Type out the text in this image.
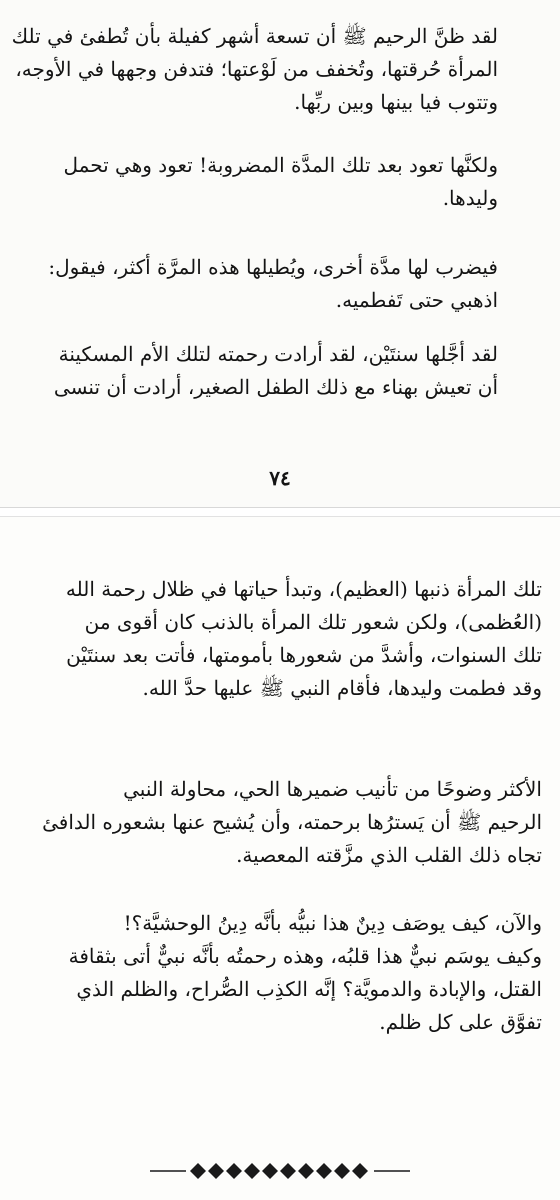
لقد ظنَّ الرحيم ﷺ أن تسعة أشهر كفيلة بأن تُطفئ في تلك
المرأة حُرقتها، وتُخفف من لَوْعتها؛ فتدفن وجهها في الأوجه،
وتتوب فيا بينها وبين ربِّها.

ولكنَّها تعود بعد تلك المدَّة المضروبة! تعود وهي تحمل
وليدها.

فيضرب لها مدَّة أخرى، ويُطيلها هذه المرَّة أكثر، فيقول:
اذهبي حتى تَفطميه.

لقد أجَّلها سنتَيْن، لقد أرادت رحمته لتلك الأم المسكينة
أن تعيش بهناء مع ذلك الطفل الصغير، أرادت أن تنسى

٧٤

تلك المرأة ذنبها (العظيم)، وتبدأ حياتها في ظلال رحمة الله
(العُظمى)، ولكن شعور تلك المرأة بالذنب كان أقوى من
تلك السنوات، وأشدَّ من شعورها بأمومتها، فأتت بعد سنتَيْن
وقد فطمت وليدها، فأقام النبي ﷺ عليها حدَّ الله.

الأكثر وضوحًا من تأنيب ضميرها الحي، محاولة النبي
الرحيم ﷺ أن يَسترُها برحمته، وأن يُشيح عنها بشعوره الدافئ
تجاه ذلك القلب الذي مزَّقته المعصية.

والآن، كيف يوصَف دِينٌ هذا نبيُّه بأنَّه دِينُ الوحشيَّة؟!
وكيف يوسَم نبيٌّ هذا قلبُه، وهذه رحمتُه بأنَّه نبيٌّ أتى بثقافة
القتل، والإبادة والدمويَّة؟ إنَّه الكذِب الصُّراح، والظلم الذي
تفوَّق على كل ظلم.
